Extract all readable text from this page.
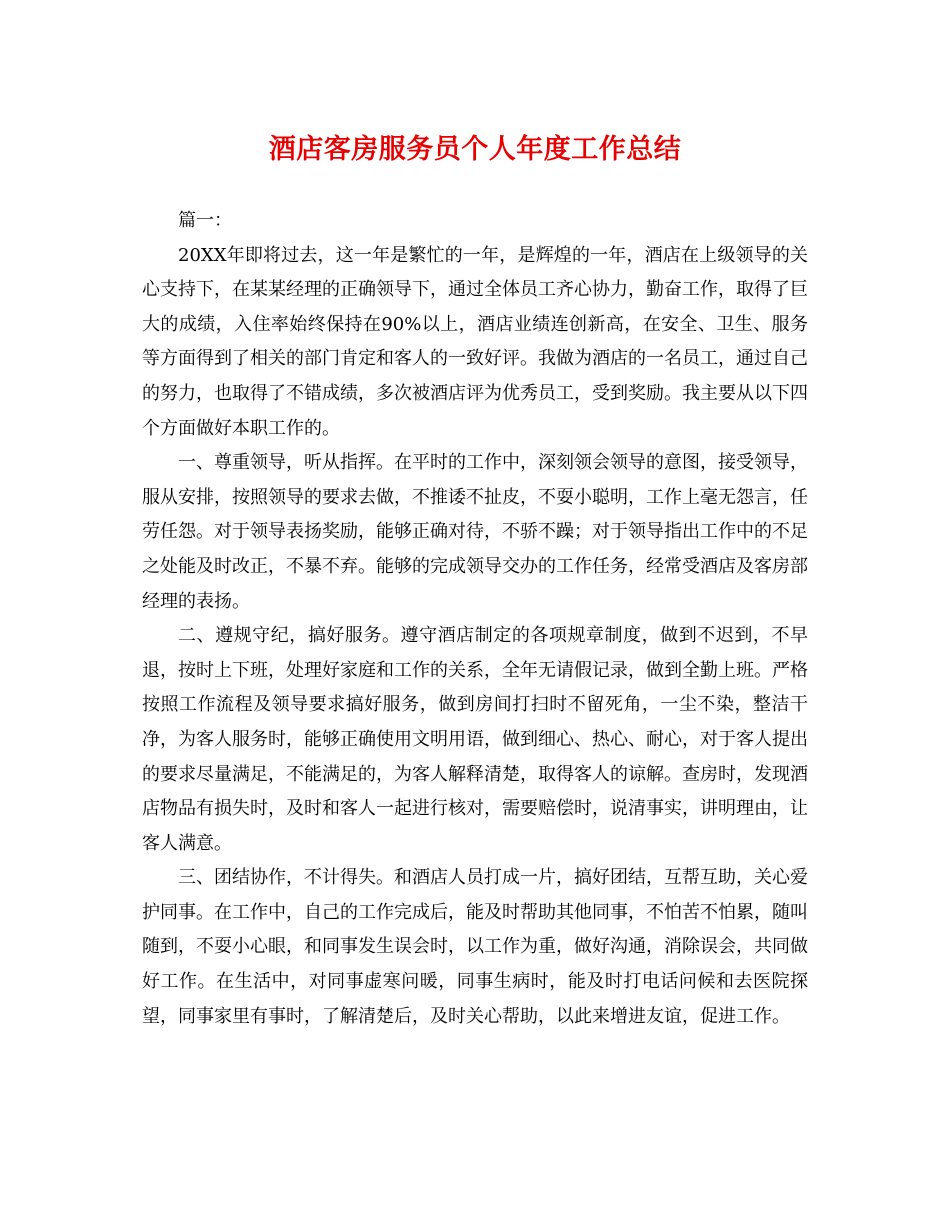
酒店客房服务员个人年度工作总结

篇一：

20XX年即将过去，这一年是繁忙的一年，是辉煌的一年，酒店在上级领导的关心支持下，在某某经理的正确领导下，通过全体员工齐心协力，勤奋工作，取得了巨大的成绩，入住率始终保持在90%以上，酒店业绩连创新高，在安全、卫生、服务等方面得到了相关的部门肯定和客人的一致好评。我做为酒店的一名员工，通过自己的努力，也取得了不错成绩，多次被酒店评为优秀员工，受到奖励。我主要从以下四个方面做好本职工作的。

一、尊重领导，听从指挥。在平时的工作中，深刻领会领导的意图，接受领导，服从安排，按照领导的要求去做，不推诿不扯皮，不耍小聪明，工作上毫无怨言，任劳任怨。对于领导表扬奖励，能够正确对待，不骄不躁；对于领导指出工作中的不足之处能及时改正，不暴不弃。能够的完成领导交办的工作任务，经常受酒店及客房部经理的表扬。

二、遵规守纪，搞好服务。遵守酒店制定的各项规章制度，做到不迟到，不早退，按时上下班，处理好家庭和工作的关系，全年无请假记录，做到全勤上班。严格按照工作流程及领导要求搞好服务，做到房间打扫时不留死角，一尘不染，整洁干净，为客人服务时，能够正确使用文明用语，做到细心、热心、耐心，对于客人提出的要求尽量满足，不能满足的，为客人解释清楚，取得客人的谅解。查房时，发现酒店物品有损失时，及时和客人一起进行核对，需要赔偿时，说清事实，讲明理由，让客人满意。

三、团结协作，不计得失。和酒店人员打成一片，搞好团结，互帮互助，关心爱护同事。在工作中，自己的工作完成后，能及时帮助其他同事，不怕苦不怕累，随叫随到，不耍小心眼，和同事发生误会时，以工作为重，做好沟通，消除误会，共同做好工作。在生活中，对同事虚寒问暖，同事生病时，能及时打电话问候和去医院探望，同事家里有事时，了解清楚后，及时关心帮助，以此来增进友谊，促进工作。
